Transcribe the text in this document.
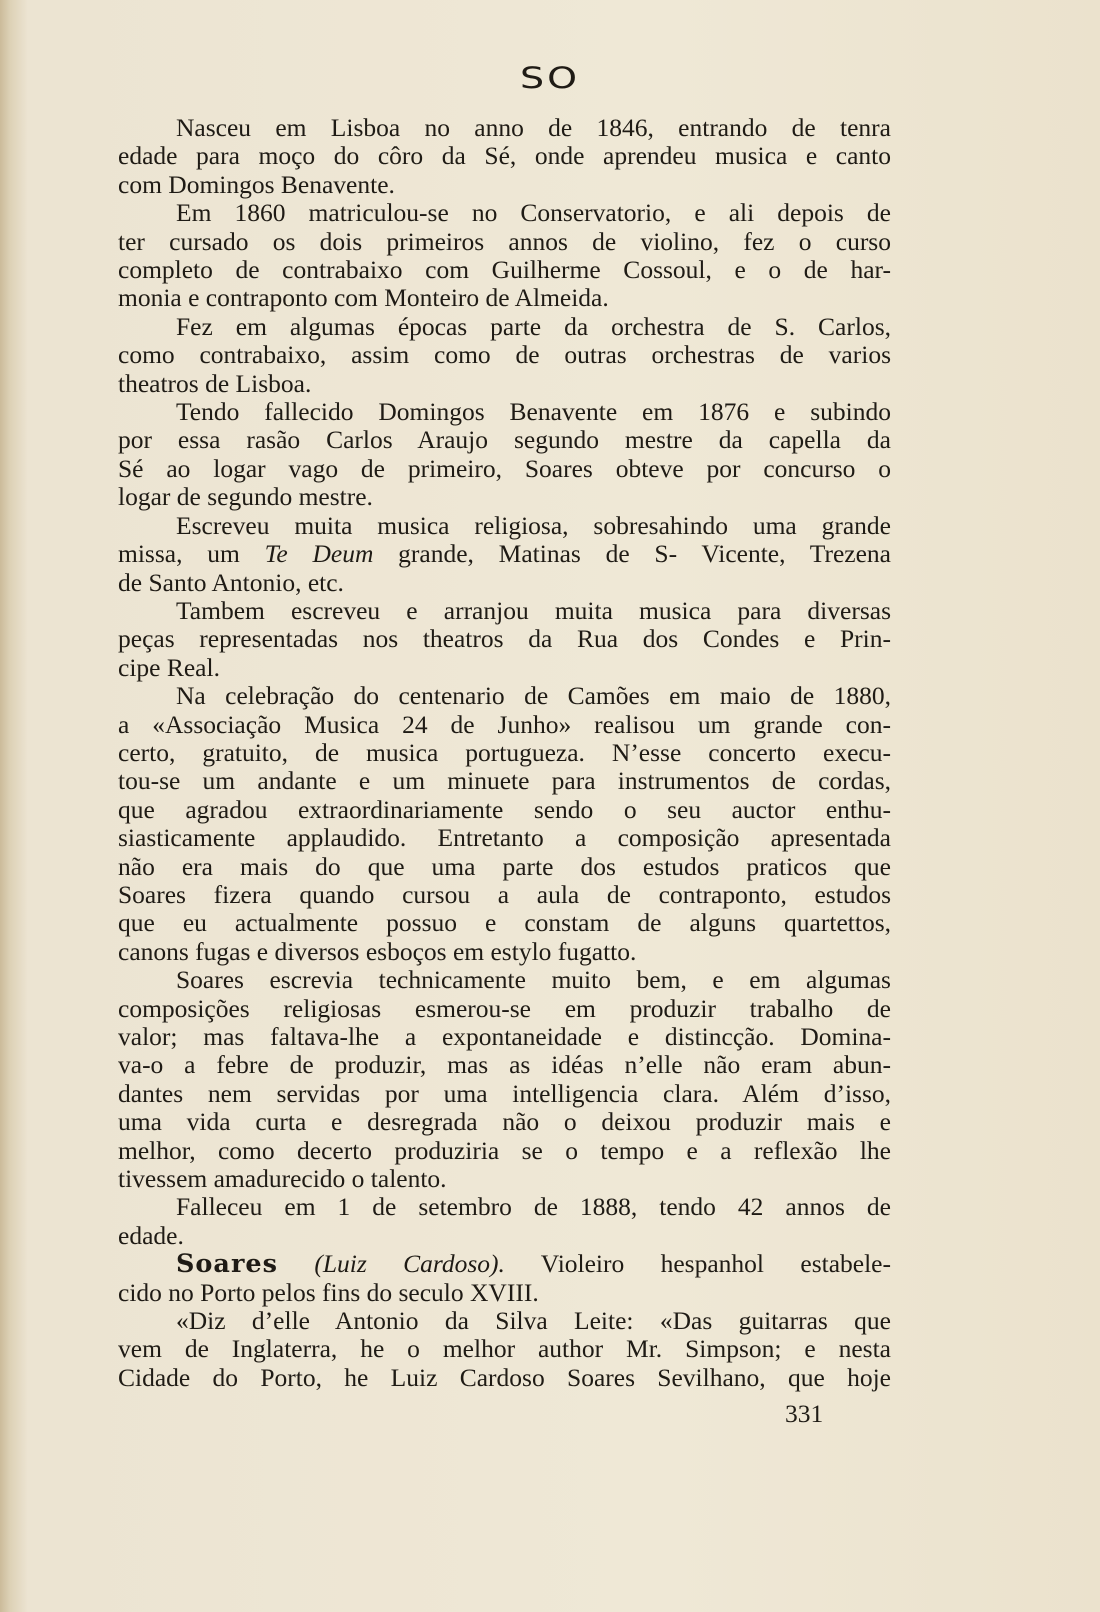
SO
Nasceu em Lisboa no anno de 1846, entrando de tenra
edade para moço do côro da Sé, onde aprendeu musica e canto
com Domingos Benavente.
Em 1860 matriculou-se no Conservatorio, e ali depois de
ter cursado os dois primeiros annos de violino, fez o curso
completo de contrabaixo com Guilherme Cossoul, e o de har-
monia e contraponto com Monteiro de Almeida.
Fez em algumas épocas parte da orchestra de S. Carlos,
como contrabaixo, assim como de outras orchestras de varios
theatros de Lisboa.
Tendo fallecido Domingos Benavente em 1876 e subindo
por essa rasão Carlos Araujo segundo mestre da capella da
Sé ao logar vago de primeiro, Soares obteve por concurso o
logar de segundo mestre.
Escreveu muita musica religiosa, sobresahindo uma grande
missa, um Te Deum grande, Matinas de S- Vicente, Trezena
de Santo Antonio, etc.
Tambem escreveu e arranjou muita musica para diversas
peças representadas nos theatros da Rua dos Condes e Prin-
cipe Real.
Na celebração do centenario de Camões em maio de 1880,
a «Associação Musica 24 de Junho» realisou um grande con-
certo, gratuito, de musica portugueza. N’esse concerto execu-
tou-se um andante e um minuete para instrumentos de cordas,
que agradou extraordinariamente sendo o seu auctor enthu-
siasticamente applaudido. Entretanto a composição apresentada
não era mais do que uma parte dos estudos praticos que
Soares fizera quando cursou a aula de contraponto, estudos
que eu actualmente possuo e constam de alguns quartettos,
canons fugas e diversos esboços em estylo fugatto.
Soares escrevia technicamente muito bem, e em algumas
composições religiosas esmerou-se em produzir trabalho de
valor; mas faltava-lhe a expontaneidade e distincção. Domina-
va-o a febre de produzir, mas as idéas n’elle não eram abun-
dantes nem servidas por uma intelligencia clara. Além d’isso,
uma vida curta e desregrada não o deixou produzir mais e
melhor, como decerto produziria se o tempo e a reflexão lhe
tivessem amadurecido o talento.
Falleceu em 1 de setembro de 1888, tendo 42 annos de
edade.
Soares (Luiz Cardoso). Violeiro hespanhol estabele-
cido no Porto pelos fins do seculo XVIII.
«Diz d’elle Antonio da Silva Leite: «Das guitarras que
vem de Inglaterra, he o melhor author Mr. Simpson; e nesta
Cidade do Porto, he Luiz Cardoso Soares Sevilhano, que hoje
331
